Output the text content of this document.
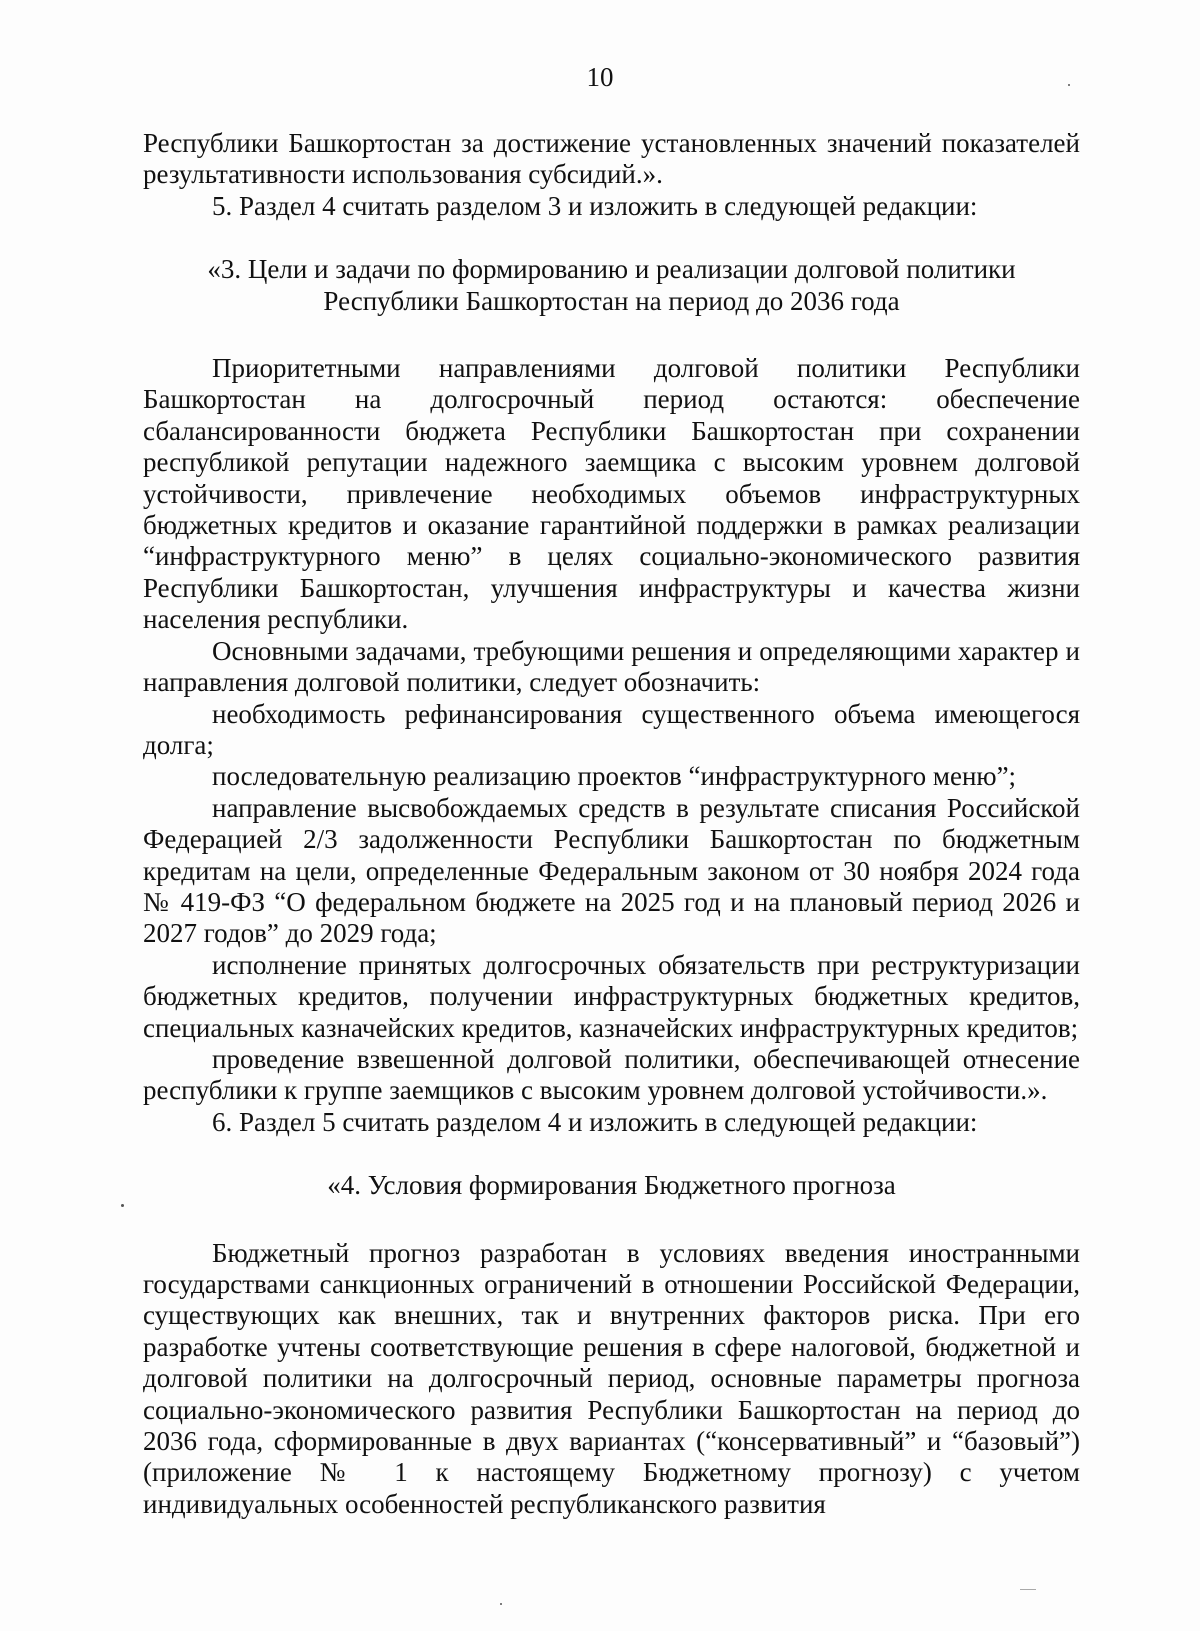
10

Республики Башкортостан за достижение установленных значений показателей результативности использования субсидий.».

5. Раздел 4 считать разделом 3 и изложить в следующей редакции:

«3. Цели и задачи по формированию и реализации долговой политики

Республики Башкортостан на период до 2036 года

Приоритетными направлениями долговой политики Республики Башкортостан на долгосрочный период остаются: обеспечение сбалансированности бюджета Республики Башкортостан при сохранении республикой репутации надежного заемщика с высоким уровнем долговой устойчивости, привлечение необходимых объемов инфраструктурных бюджетных кредитов и оказание гарантийной поддержки в рамках реализации “инфраструктурного меню” в целях социально-экономического развития Республики Башкортостан, улучшения инфраструктуры и качества жизни населения республики.

Основными задачами, требующими решения и определяющими характер и направления долговой политики, следует обозначить:

необходимость рефинансирования существенного объема имеющегося долга;

последовательную реализацию проектов “инфраструктурного меню”;

направление высвобождаемых средств в результате списания Российской Федерацией 2/3 задолженности Республики Башкортостан по бюджетным кредитам на цели, определенные Федеральным законом от 30 ноября 2024 года № 419-ФЗ “О федеральном бюджете на 2025 год и на плановый период 2026 и 2027 годов” до 2029 года;

исполнение принятых долгосрочных обязательств при реструктуризации бюджетных кредитов, получении инфраструктурных бюджетных кредитов, специальных казначейских кредитов, казначейских инфраструктурных кредитов;

проведение взвешенной долговой политики, обеспечивающей отнесение республики к группе заемщиков с высоким уровнем долговой устойчивости.».

6. Раздел 5 считать разделом 4 и изложить в следующей редакции:

«4. Условия формирования Бюджетного прогноза

Бюджетный прогноз разработан в условиях введения иностранными государствами санкционных ограничений в отношении Российской Федерации, существующих как внешних, так и внутренних факторов риска. При его разработке учтены соответствующие решения в сфере налоговой, бюджетной и долговой политики на долгосрочный период, основные параметры прогноза социально-экономического развития Республики Башкортостан на период до 2036 года, сформированные в двух вариантах (“консервативный” и “базовый”) (приложение № 1 к настоящему Бюджетному прогнозу) с учетом индивидуальных особенностей республиканского развития
